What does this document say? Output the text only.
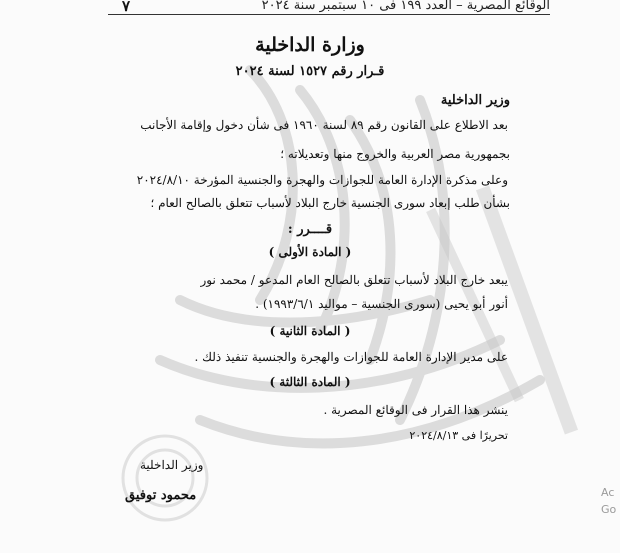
الوقائع المصرية – العدد ١٩٩ فى ١٠ سبتمبر سنة ٢٠٢٤
٧
وزارة الداخلية
قـرار رقم ١٥٢٧ لسنة ٢٠٢٤
وزير الداخلية
بعد الاطلاع على القانون رقم ٨٩ لسنة ١٩٦٠ فى شأن دخول وإقامة الأجانب
بجمهورية مصر العربية والخروج منها وتعديلاته ؛
وعلى مذكرة الإدارة العامة للجوازات والهجرة والجنسية المؤرخة ٢٠٢٤/٨/١٠
بشأن طلب إبعاد سورى الجنسية خارج البلاد لأسباب تتعلق بالصالح العام ؛
قــــرر :
( المادة الأولى )
يبعد خارج البلاد لأسباب تتعلق بالصالح العام المدعو / محمد نور
أنور أبو يحيى (سورى الجنسية – مواليد ١٩٩٣/٦/١) .
( المادة الثانية )
على مدير الإدارة العامة للجوازات والهجرة والجنسية تنفيذ ذلك .
( المادة الثالثة )
ينشر هذا القرار فى الوقائع المصرية .
تحريرًا فى ٢٠٢٤/٨/١٣
وزير الداخلية
محمود توفيق	Ac
Go
